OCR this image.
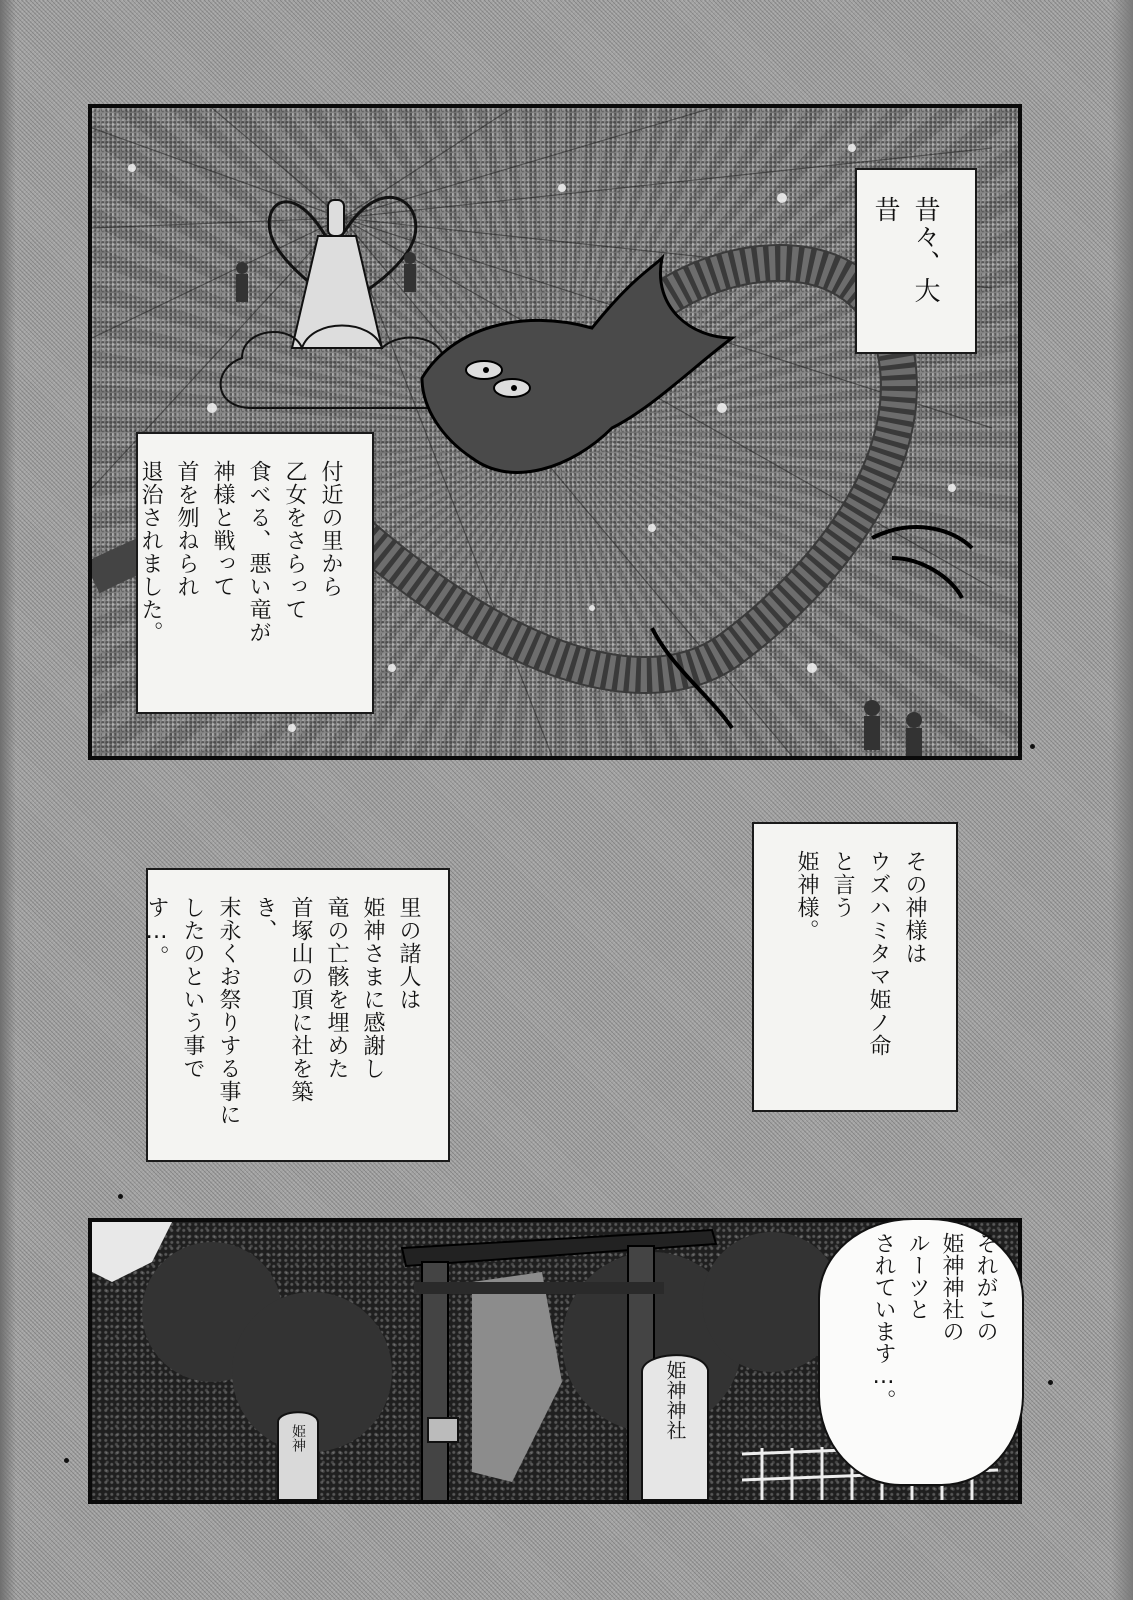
昔々、大昔
付近の里から
乙女をさらって
食べる、悪い竜が
神様と戦って
首を刎ねられ
退治されました。
その神様は
ウズハミタマ姫ノ命
と言う
姫神様。
里の諸人は
姫神さまに感謝し
竜の亡骸を埋めた
首塚山の頂に社を築き、
末永くお祭りする事に
したのという事です…。
姫神神社
姫神
それがこの
姫神神社の
ルーツと
されています…。
